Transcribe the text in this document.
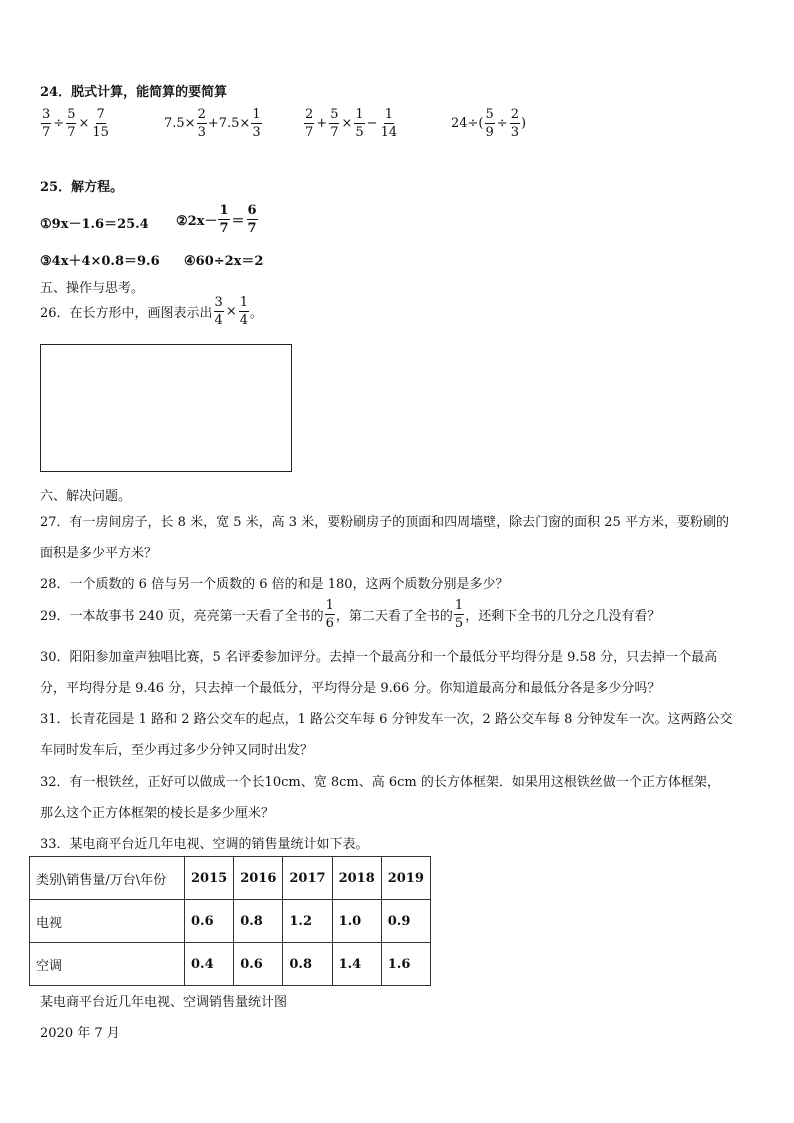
24．脱式计算，能简算的要简算
$\frac{3}{7} \div \frac{5}{7} \times \frac{7}{15}$	$7.5\times \frac{2}{3} +7.5\times \frac{1}{3}$	$\frac{2}{7} + \frac{5}{7} \times \frac{1}{5} - \frac{1}{14}$	$24\div( \frac{5}{9} \div \frac{2}{3}$ )
25．解方程。
①9x－1.6＝25.4 ②2x－ $\frac{1}{7} = \frac{6}{7}$
③4x＋4×0.8＝9.6 ④60÷2x＝2
五、操作与思考。
26．在长方形中，画图表示出 $\frac{3}{4} \times \frac{1}{4}$ 。
六、解决问题。
27．有一房间房子，长 8 米，宽 5 米，高 3 米，要粉刷房子的顶面和四周墙壁，除去门窗的面积 25 平方米，要粉刷的
面积是多少平方米？
28．一个质数的 6 倍与另一个质数的 6 倍的和是 180，这两个质数分别是多少？
29．一本故事书 240 页，亮亮第一天看了全书的 $\frac{1}{6}$ ，第二天看了全书的 $\frac{1}{5}$ ，还剩下全书的几分之几没有看？
30．阳阳参加童声独唱比赛，5 名评委参加评分。去掉一个最高分和一个最低分平均得分是 9.58 分，只去掉一个最高
分，平均得分是 9.46 分，只去掉一个最低分，平均得分是 9.66 分。你知道最高分和最低分各是多少分吗？
31．长青花园是 1 路和 2 路公交车的起点，1 路公交车每 6 分钟发车一次，2 路公交车每 8 分钟发车一次。这两路公交
车同时发车后，至少再过多少分钟又同时出发？
32．有一根铁丝，正好可以做成一个长10cm、宽 8cm、高 6cm 的长方体框架．如果用这根铁丝做一个正方体框架，
那么这个正方体框架的棱长是多少厘米？
33．某电商平台近几年电视、空调的销售量统计如下表。
类别\销售量/万台\年份	2015	2016	2017	2018	2019
电视	0.6	0.8	1.2	1.0	0.9
空调	0.4	0.6	0.8	1.4	1.6
某电商平台近几年电视、空调销售量统计图
2020 年 7 月
